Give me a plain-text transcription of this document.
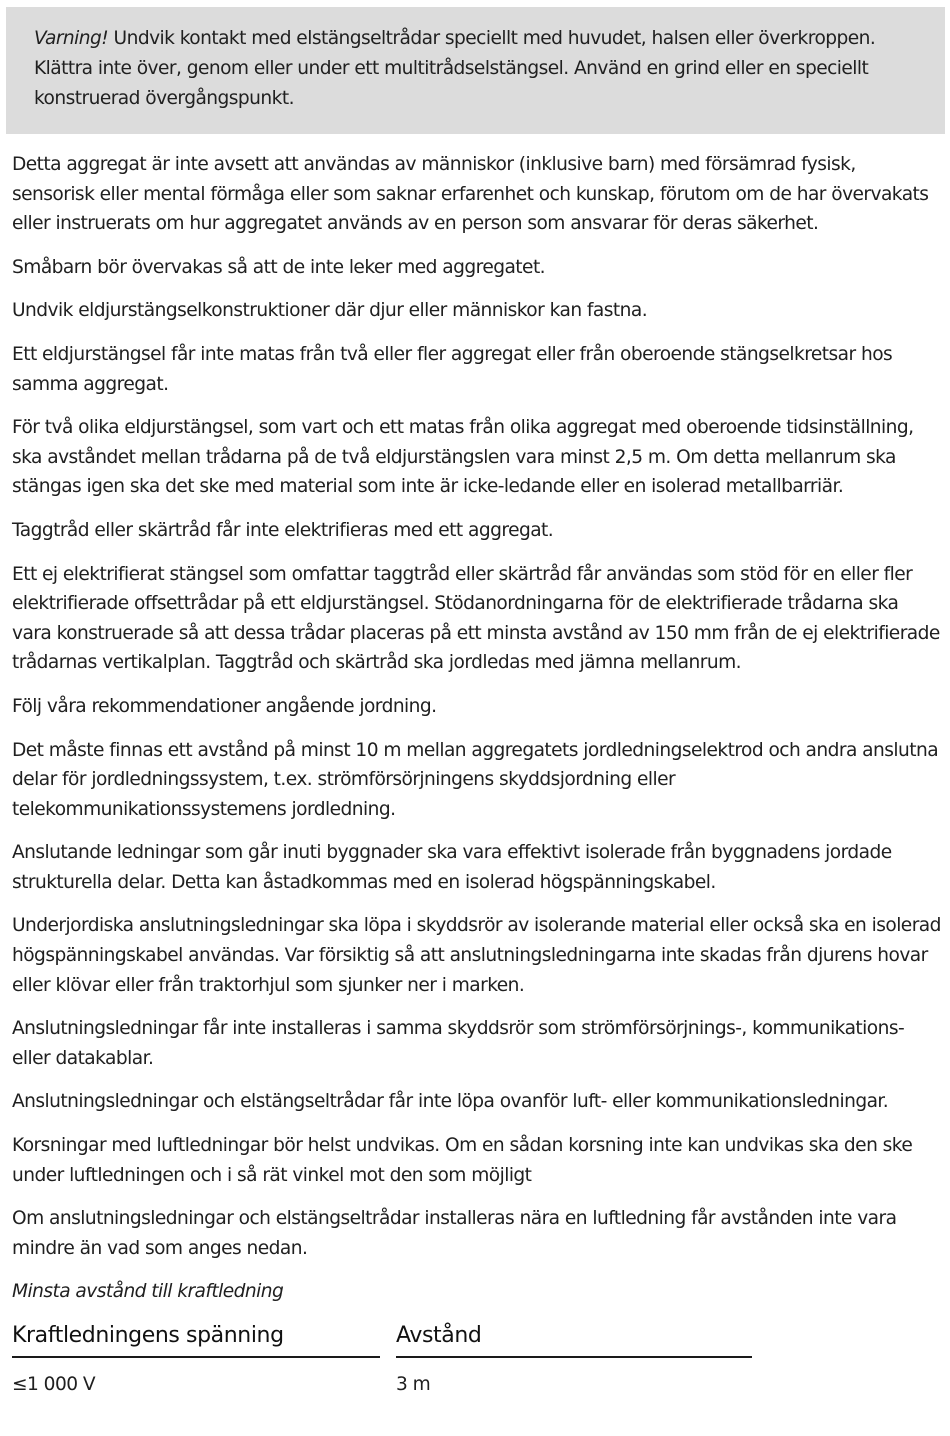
Varning! Undvik kontakt med elstängseltrådar speciellt med huvudet, halsen eller överkroppen. Klättra inte över, genom eller under ett multitrådselstängsel. Använd en grind eller en speciellt konstruerad övergångspunkt.

Detta aggregat är inte avsett att användas av människor (inklusive barn) med försämrad fysisk, sensorisk eller mental förmåga eller som saknar erfarenhet och kunskap, förutom om de har övervakats eller instruerats om hur aggregatet används av en person som ansvarar för deras säkerhet.

Småbarn bör övervakas så att de inte leker med aggregatet.

Undvik eldjurstängselkonstruktioner där djur eller människor kan fastna.

Ett eldjurstängsel får inte matas från två eller fler aggregat eller från oberoende stängselkretsar hos samma aggregat.

För två olika eldjurstängsel, som vart och ett matas från olika aggregat med oberoende tidsinställning, ska avståndet mellan trådarna på de två eldjurstängslen vara minst 2,5 m. Om detta mellanrum ska stängas igen ska det ske med material som inte är icke-ledande eller en isolerad metallbarriär.

Taggtråd eller skärtråd får inte elektrifieras med ett aggregat.

Ett ej elektrifierat stängsel som omfattar taggtråd eller skärtråd får användas som stöd för en eller fler elektrifierade offsettrådar på ett eldjurstängsel. Stödanordningarna för de elektrifierade trådarna ska vara konstruerade så att dessa trådar placeras på ett minsta avstånd av 150 mm från de ej elektrifierade trådarnas vertikalplan. Taggtråd och skärtråd ska jordledas med jämna mellanrum.

Följ våra rekommendationer angående jordning.

Det måste finnas ett avstånd på minst 10 m mellan aggregatets jordledningselektrod och andra anslutna delar för jordledningssystem, t.ex. strömförsörjningens skyddsjordning eller telekommunikationssystemens jordledning.

Anslutande ledningar som går inuti byggnader ska vara effektivt isolerade från byggnadens jordade strukturella delar. Detta kan åstadkommas med en isolerad högspänningskabel.

Underjordiska anslutningsledningar ska löpa i skyddsrör av isolerande material eller också ska en isolerad högspänningskabel användas. Var försiktig så att anslutningsledningarna inte skadas från djurens hovar eller klövar eller från traktorhjul som sjunker ner i marken.

Anslutningsledningar får inte installeras i samma skyddsrör som strömförsörjnings-, kommunikations- eller datakablar.

Anslutningsledningar och elstängseltrådar får inte löpa ovanför luft- eller kommunikationsledningar.

Korsningar med luftledningar bör helst undvikas. Om en sådan korsning inte kan undvikas ska den ske under luftledningen och i så rät vinkel mot den som möjligt

Om anslutningsledningar och elstängseltrådar installeras nära en luftledning får avstånden inte vara mindre än vad som anges nedan.

Minsta avstånd till kraftledning

Kraftledningens spänning		Avstånd
≤1 000 V		3 m
